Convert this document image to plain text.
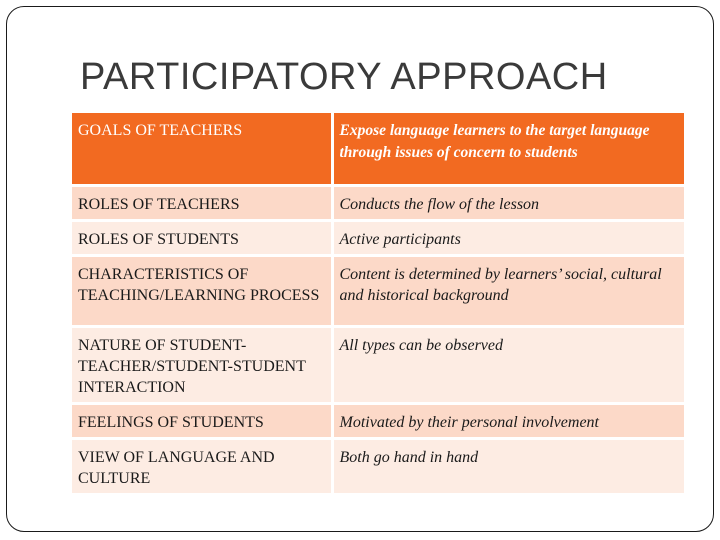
PARTICIPATORY APPROACH
GOALS OF TEACHERS	Expose language learners to the target language through issues of concern to students
ROLES OF TEACHERS	Conducts the flow of the lesson
ROLES OF STUDENTS	Active participants
CHARACTERISTICS OF TEACHING/LEARNING PROCESS	Content is determined by learners’ social, cultural and historical background
NATURE OF STUDENT-TEACHER/STUDENT-STUDENT INTERACTION	All types can be observed
FEELINGS OF STUDENTS	Motivated by their personal involvement
VIEW OF LANGUAGE AND CULTURE	Both go hand in hand
